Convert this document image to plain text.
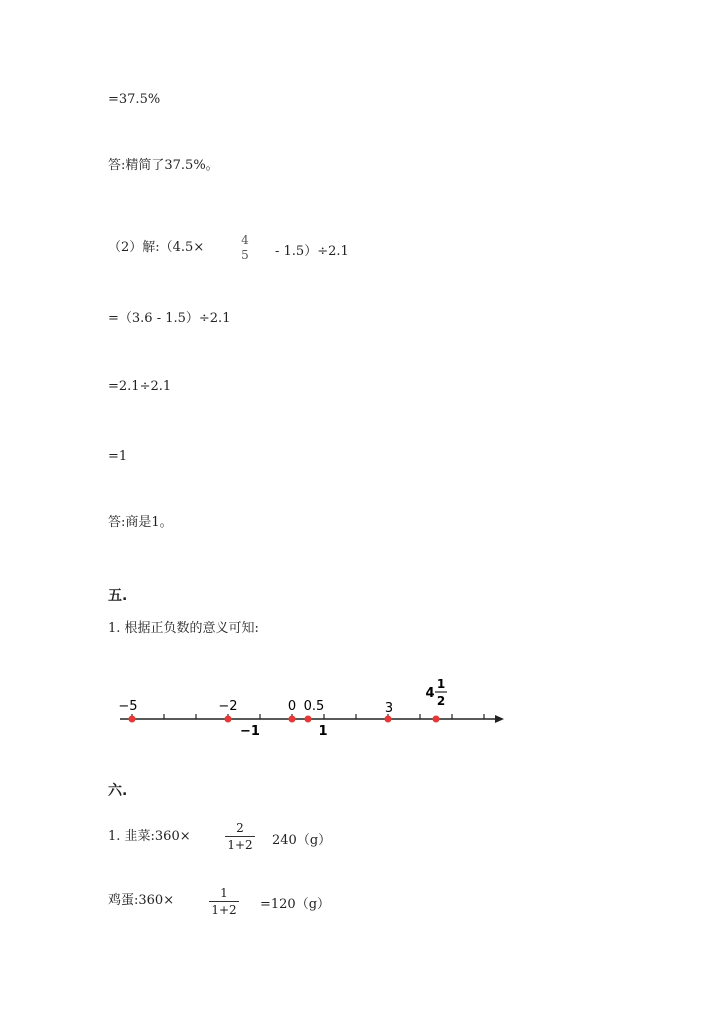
=37.5%
答:精简了37.5%。
（2）解:（4.5×	4
5	- 1.5）÷2.1
=（3.6 - 1.5）÷2.1
=2.1÷2.1
=1
答:商是1。
五.
1. 根据正负数的意义可知:
−5	−2	0 0.5	3
4
1
2
−1	1
六.
1. 韭菜:360×
2
1+2 240（g）
鸡蛋:360×	1
1+2 =120（g）
